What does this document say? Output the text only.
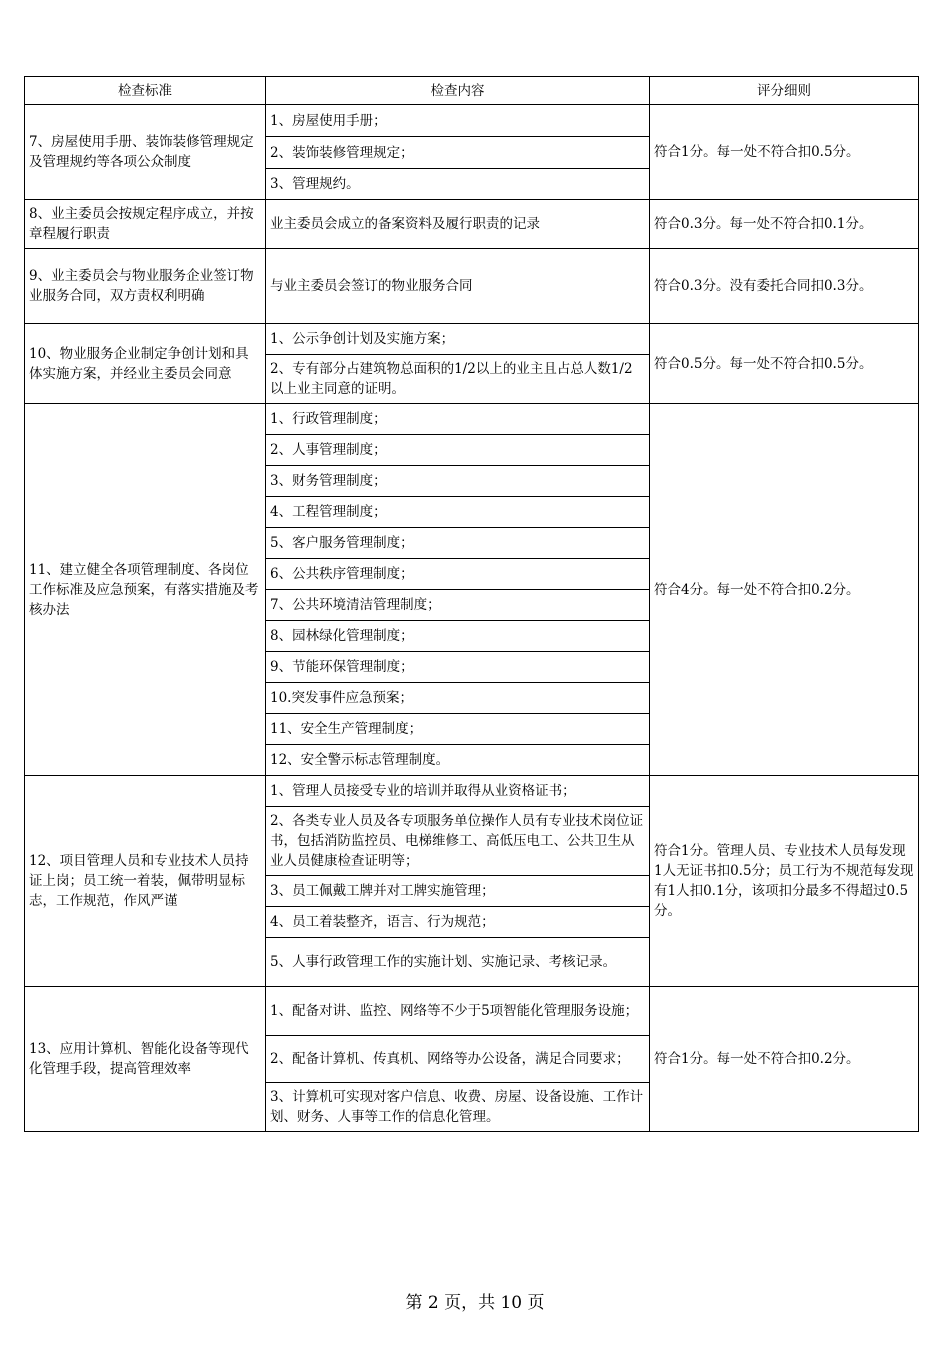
检查标准	检查内容	评分细则
7、房屋使用手册、装饰装修管理规定及管理规约等各项公众制度	1、房屋使用手册；	符合1分。每一处不符合扣0.5分。
	2、装饰装修管理规定；	
	3、管理规约。	
8、业主委员会按规定程序成立，并按章程履行职责	业主委员会成立的备案资料及履行职责的记录	符合0.3分。每一处不符合扣0.1分。
9、业主委员会与物业服务企业签订物业服务合同，双方责权利明确	与业主委员会签订的物业服务合同	符合0.3分。没有委托合同扣0.3分。
10、物业服务企业制定争创计划和具体实施方案，并经业主委员会同意	1、公示争创计划及实施方案；	符合0.5分。每一处不符合扣0.5分。
	2、专有部分占建筑物总面积的1/2以上的业主且占总人数1/2以上业主同意的证明。	
11、建立健全各项管理制度、各岗位工作标准及应急预案，有落实措施及考核办法	1、行政管理制度；	符合4分。每一处不符合扣0.2分。
	2、人事管理制度；	
	3、财务管理制度；	
	4、工程管理制度；	
	5、客户服务管理制度；	
	6、公共秩序管理制度；	
	7、公共环境清洁管理制度；	
	8、园林绿化管理制度；	
	9、节能环保管理制度；	
	10.突发事件应急预案；	
	11、安全生产管理制度；	
	12、安全警示标志管理制度。	
12、项目管理人员和专业技术人员持证上岗；员工统一着装，佩带明显标志，工作规范，作风严谨	1、管理人员接受专业的培训并取得从业资格证书；	符合1分。管理人员、专业技术人员每发现1人无证书扣0.5分；员工行为不规范每发现有1人扣0.1分，该项扣分最多不得超过0.5分。
	2、各类专业人员及各专项服务单位操作人员有专业技术岗位证书，包括消防监控员、电梯维修工、高低压电工、公共卫生从业人员健康检查证明等；	
	3、员工佩戴工牌并对工牌实施管理；	
	4、员工着装整齐，语言、行为规范；	
	5、人事行政管理工作的实施计划、实施记录、考核记录。	
13、应用计算机、智能化设备等现代化管理手段，提高管理效率	1、配备对讲、监控、网络等不少于5项智能化管理服务设施；	符合1分。每一处不符合扣0.2分。
	2、配备计算机、传真机、网络等办公设备，满足合同要求；	
	3、计算机可实现对客户信息、收费、房屋、设备设施、工作计划、财务、人事等工作的信息化管理。	
第 2 页，共 10 页
